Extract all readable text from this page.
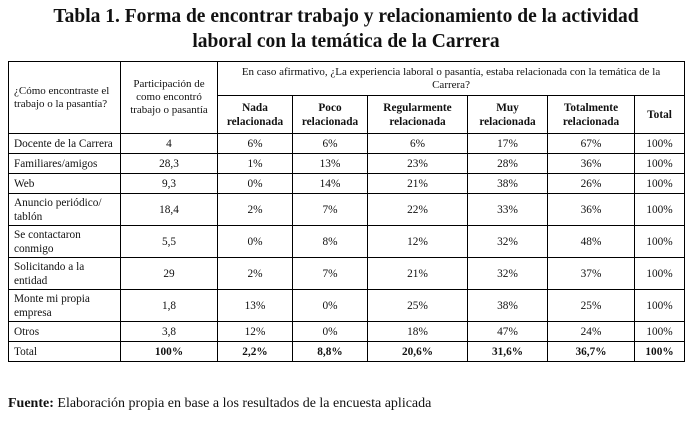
Tabla 1. Forma de encontrar trabajo y relacionamiento de la actividad
laboral con la temática de la Carrera
¿Cómo encontraste el trabajo o la pasantía?	Participación de como encontró trabajo o pasantía	En caso afirmativo, ¿La experiencia laboral o pasantía, estaba relacionada con la temática de la Carrera?					
		Nada relacionada	Poco relacionada	Regularmente relacionada	Muy relacionada	Totalmente relacionada	Total
Docente de la Carrera	4	6%	6%	6%	17%	67%	100%
Familiares/amigos	28,3	1%	13%	23%	28%	36%	100%
Web	9,3	0%	14%	21%	38%	26%	100%
Anuncio periódico/ tablón	18,4	2%	7%	22%	33%	36%	100%
Se contactaron conmigo	5,5	0%	8%	12%	32%	48%	100%
Solicitando a la entidad	29	2%	7%	21%	32%	37%	100%
Monte mi propia empresa	1,8	13%	0%	25%	38%	25%	100%
Otros	3,8	12%	0%	18%	47%	24%	100%
Total	100%	2,2%	8,8%	20,6%	31,6%	36,7%	100%
Fuente: Elaboración propia en base a los resultados de la encuesta aplicada
